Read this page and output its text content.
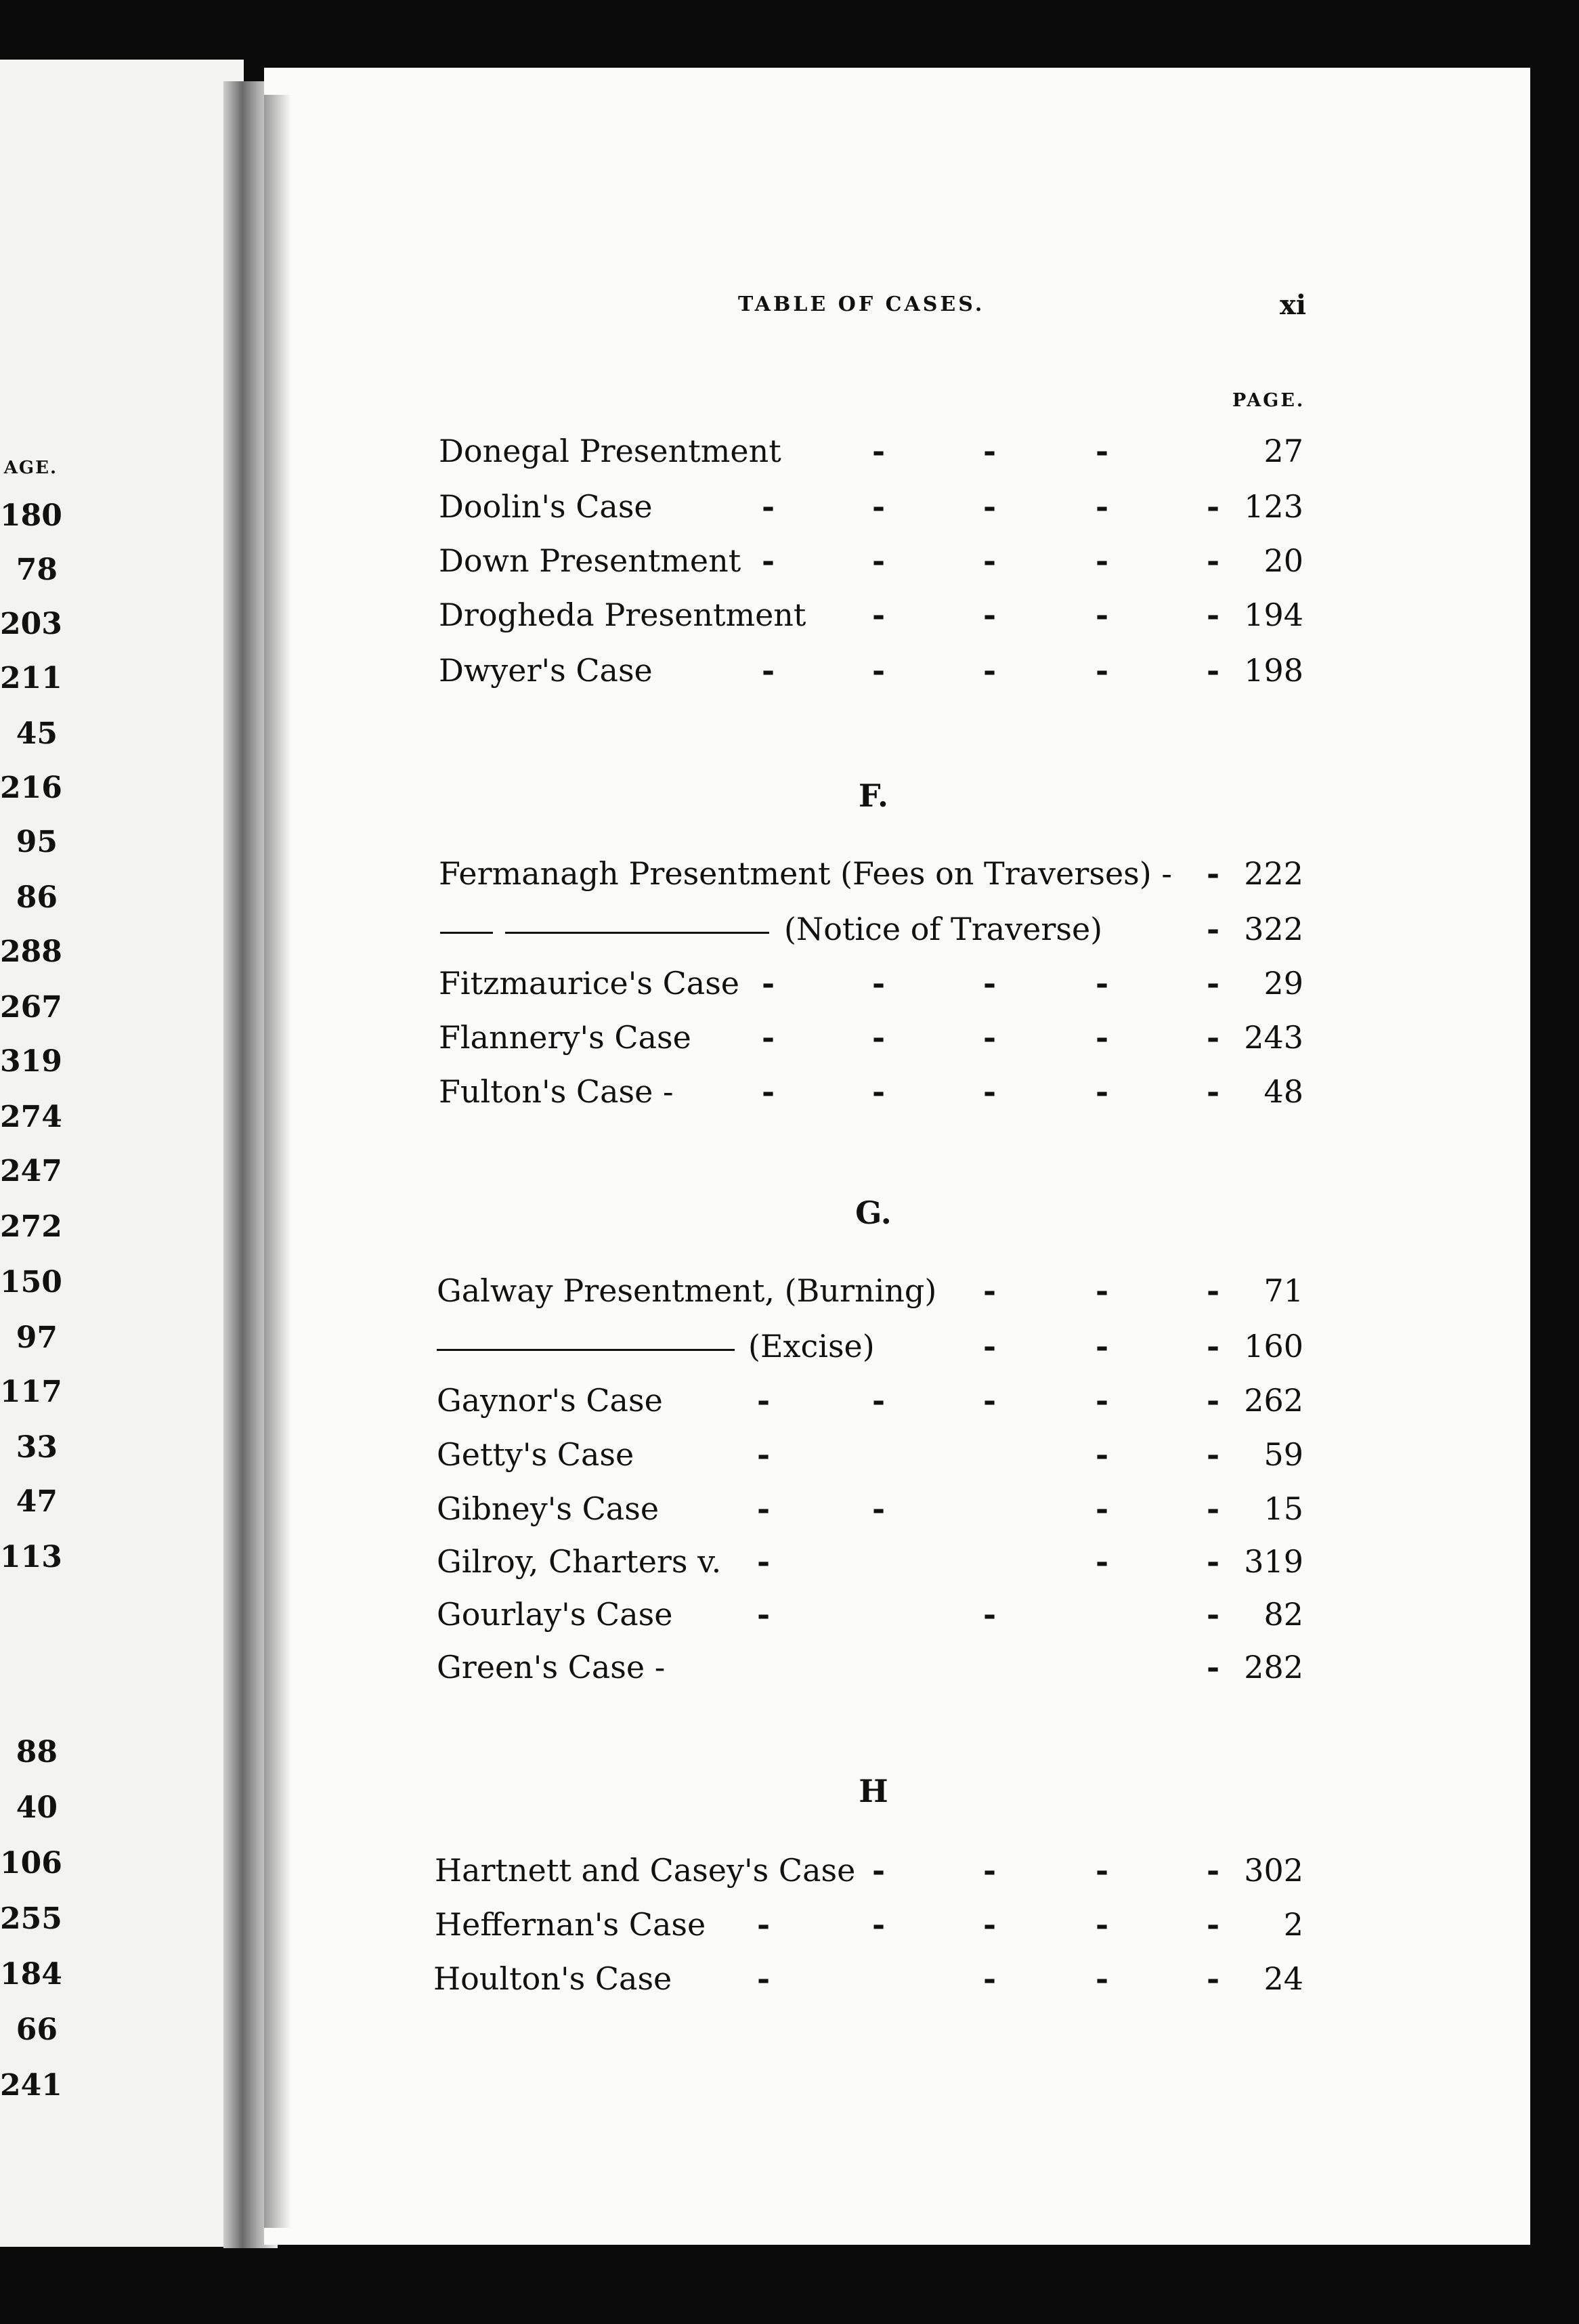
AGE.
180
78
203
211
45
216
95
86
288
267
319
274
247
272
150
97
117
33
47
113
88
40
106
255
184
66
241
TABLE OF CASES.	xi
PAGE.
Donegal Presentment	-	-	-	27
Doolin's Case	-	-	-	-	- 123
Down Presentment -	-	-	-	-	20
Drogheda Presentment -	-	-	- 194
Dwyer's Case	-	-	-	-	- 198
F.
Fermanagh Presentment (Fees on Traverses) - - 222
(Notice of Traverse)	- 322
Fitzmaurice's Case -	-	-	-	-	29
Flannery's Case -	-	-	-	- 243
Fulton's Case -	-	-	-	-	-	48
G.
Galway Presentment, (Burning) -	-	-	71
(Excise)	-	-	- 160
Gaynor's Case	-	-	-	-	- 262
Getty's Case	-	-	-	59
Gibney's Case	-	-	-	-	15
Gilroy, Charters v. -	-	- 319
Gourlay's Case	-	-	-	82
Green's Case -	- 282
H
Hartnett and Casey's Case -	-	-	- 302
Heffernan's Case -	-	-	-	-	2
Houlton's Case	-	-	-	-	24
